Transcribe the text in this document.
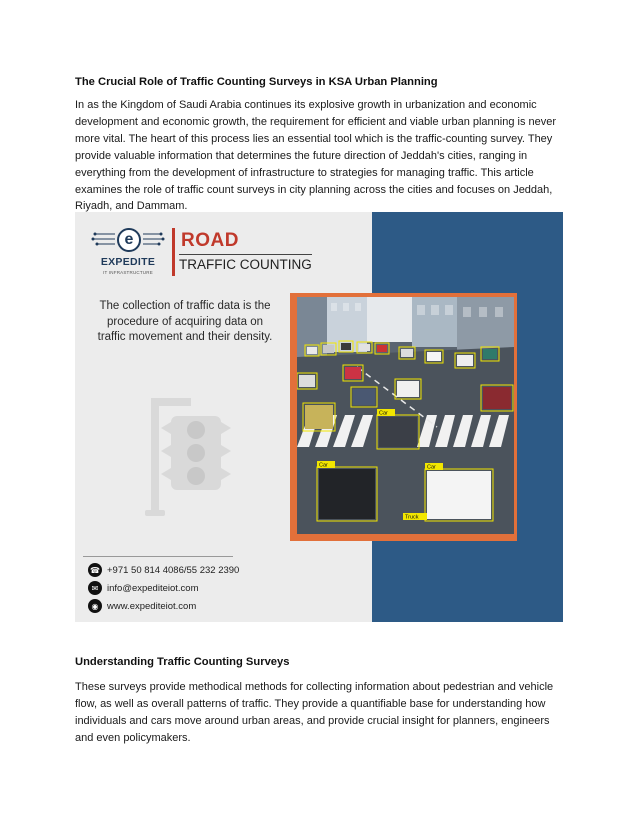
The Crucial Role of Traffic Counting Surveys in KSA Urban Planning
In as the Kingdom of Saudi Arabia continues its explosive growth in urbanization and economic development and economic growth, the requirement for efficient and viable urban planning is never more vital. The heart of this process lies an essential tool which is the traffic-counting survey. They provide valuable information that determines the future direction of Jeddah's cities, ranging in everything from the development of infrastructure to strategies for managing traffic. This article examines the role of traffic count surveys in city planning across the cities and focuses on Jeddah, Riyadh, and Dammam.
e
EXPEDITE
IT INFRASTRUCTURE
ROAD
TRAFFIC COUNTING
The collection of traffic data is the procedure of acquiring data on traffic movement and their density.
Car
Car	Car
Truck
☎ +971 50 814 4086/55 232 2390
✉ info@expediteiot.com
◉ www.expediteiot.com
Understanding Traffic Counting Surveys
These surveys provide methodical methods for collecting information about pedestrian and vehicle flow, as well as overall patterns of traffic. They provide a quantifiable base for understanding how individuals and cars move around urban areas, and provide crucial insight for planners, engineers and even policymakers.
